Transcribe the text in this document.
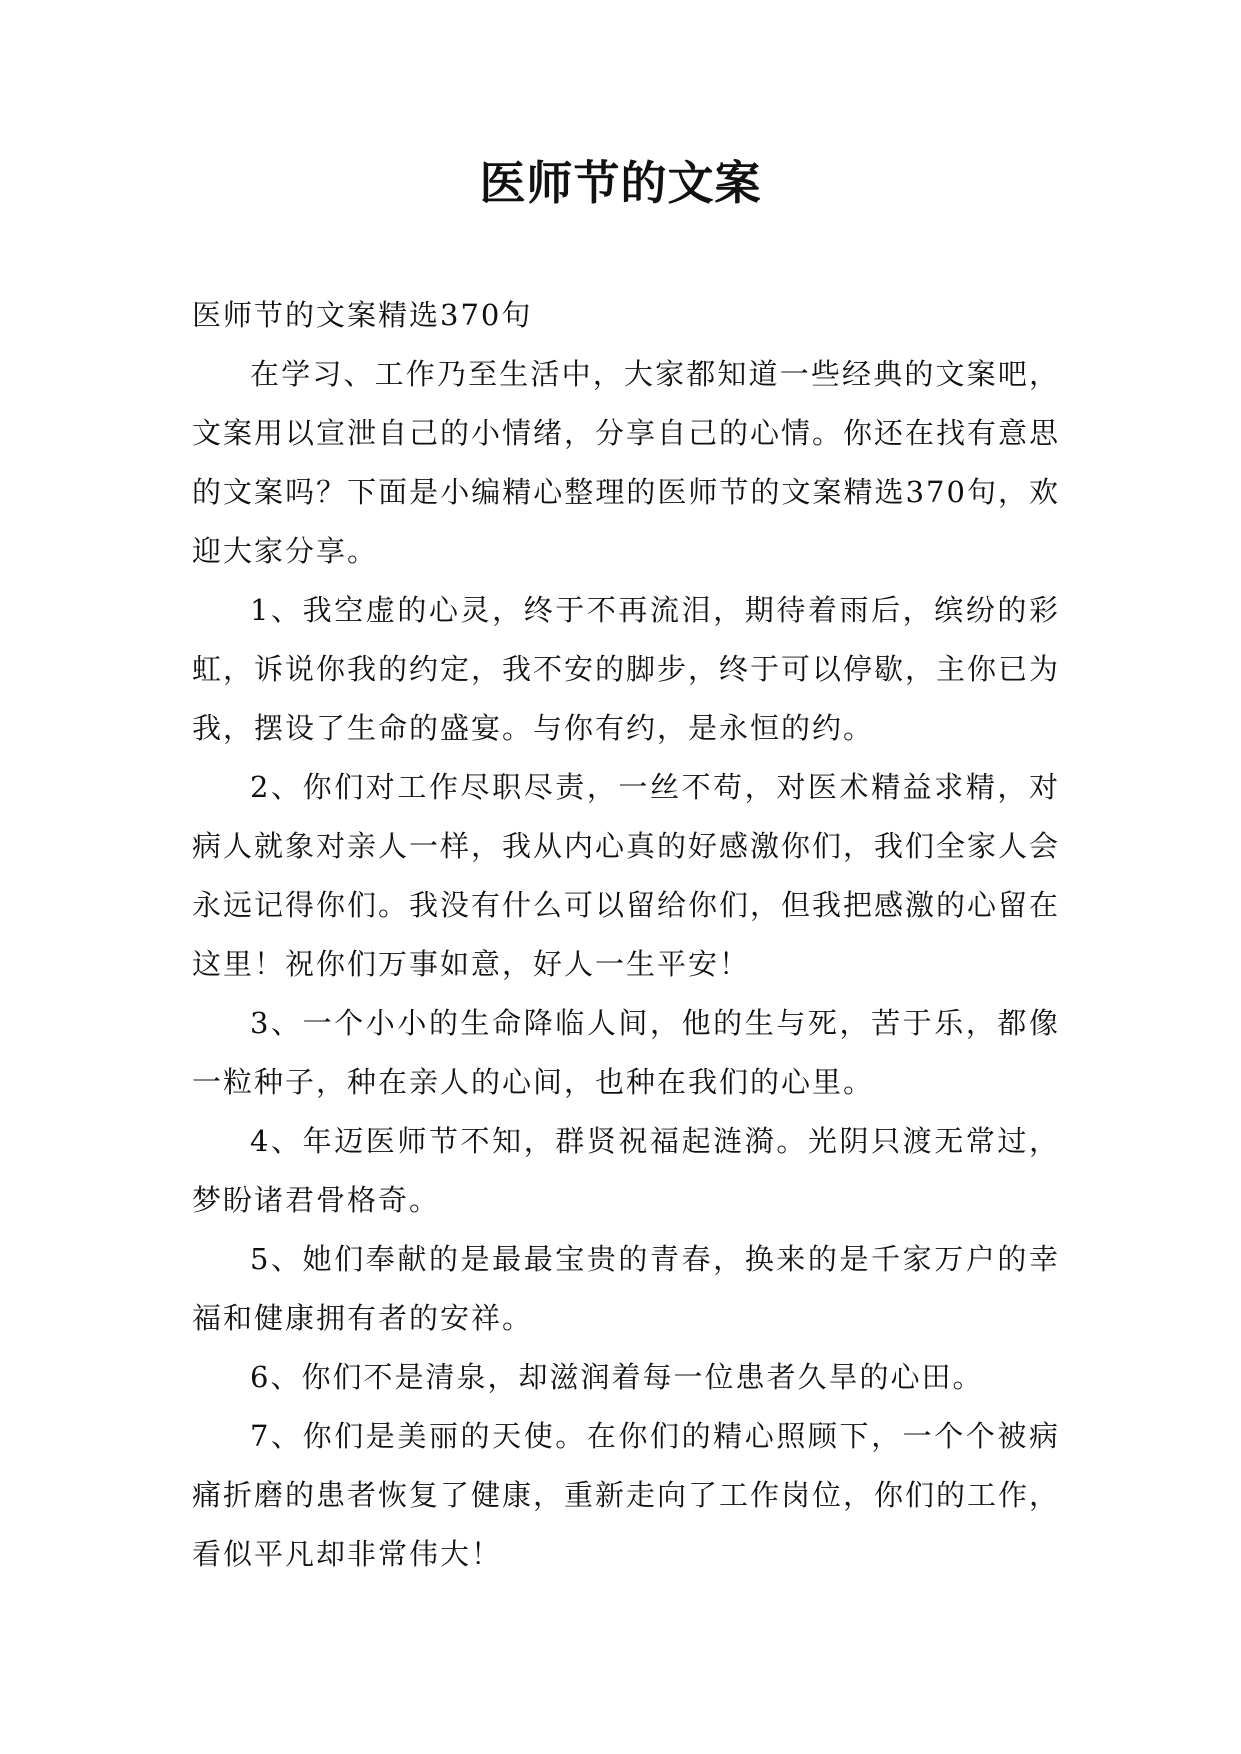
医师节的文案

医师节的文案精选370句

在学习、工作乃至生活中，大家都知道一些经典的文案吧，文案用以宣泄自己的小情绪，分享自己的心情。你还在找有意思的文案吗？下面是小编精心整理的医师节的文案精选370句，欢迎大家分享。

1、我空虚的心灵，终于不再流泪，期待着雨后，缤纷的彩虹，诉说你我的约定，我不安的脚步，终于可以停歇，主你已为我，摆设了生命的盛宴。与你有约，是永恒的约。

2、你们对工作尽职尽责，一丝不苟，对医术精益求精，对病人就象对亲人一样，我从内心真的好感激你们，我们全家人会永远记得你们。我没有什么可以留给你们，但我把感激的心留在这里！祝你们万事如意，好人一生平安！

3、一个小小的生命降临人间，他的生与死，苦于乐，都像一粒种子，种在亲人的心间，也种在我们的心里。

4、年迈医师节不知，群贤祝福起涟漪。光阴只渡无常过，梦盼诸君骨格奇。

5、她们奉献的是最最宝贵的青春，换来的是千家万户的幸福和健康拥有者的安祥。

6、你们不是清泉，却滋润着每一位患者久旱的心田。

7、你们是美丽的天使。在你们的精心照顾下，一个个被病痛折磨的患者恢复了健康，重新走向了工作岗位，你们的工作，看似平凡却非常伟大！
